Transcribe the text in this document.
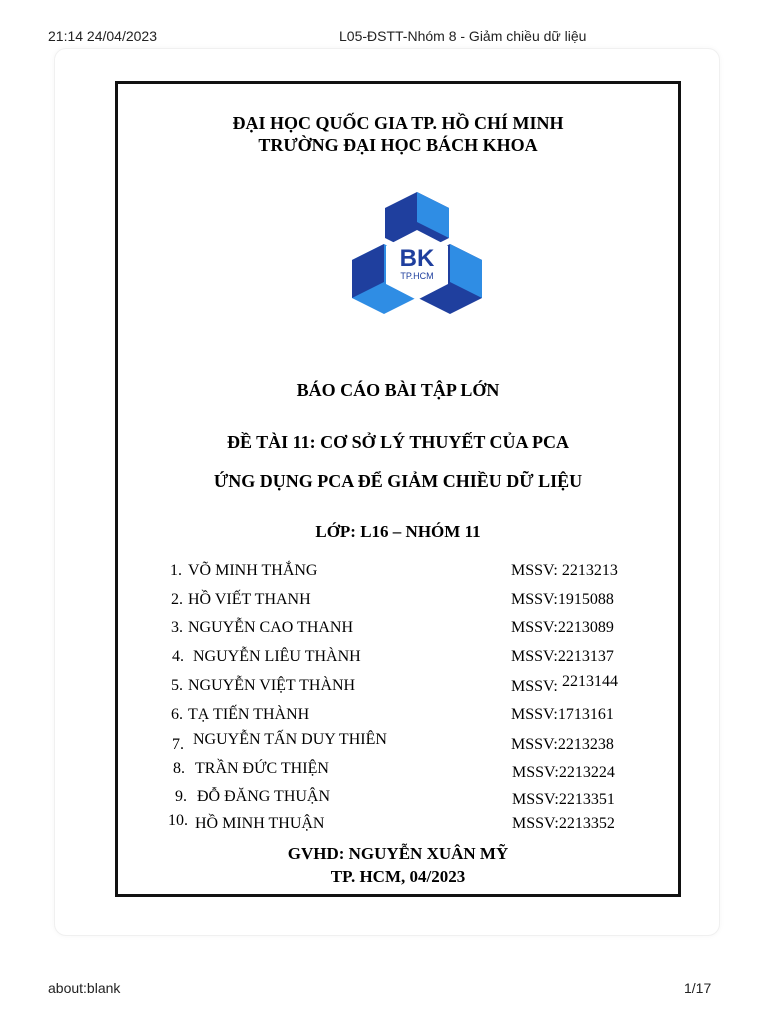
21:14 24/04/2023	L05-ĐSTT-Nhóm 8 - Giảm chiều dữ liệu
about:blank	1/17
ĐẠI HỌC QUỐC GIA TP. HỒ CHÍ MINH
TRƯỜNG ĐẠI HỌC BÁCH KHOA
BK
TP.HCM
BÁO CÁO BÀI TẬP LỚN
ĐỀ TÀI 11: CƠ SỞ LÝ THUYẾT CỦA PCA
ỨNG DỤNG PCA ĐỂ GIẢM CHIỀU DỮ LIỆU
LỚP: L16 – NHÓM 11
1. VÕ MINH THẮNG	MSSV: 2213213
2. HỒ VIẾT THANH	MSSV:1915088
3. NGUYỄN CAO THANH	MSSV:2213089
4. NGUYỄN LIÊU THÀNH	MSSV:2213137
5. NGUYỄN VIỆT THÀNH	MSSV: 2213144
6. TẠ TIẾN THÀNH	MSSV:1713161
7. NGUYỄN TẤN DUY THIÊN	MSSV:2213238
8. TRẦN ĐỨC THIỆN	MSSV:2213224
9. ĐỖ ĐĂNG THUẬN	MSSV:2213351
10. HỒ MINH THUẬN	MSSV:2213352
GVHD: NGUYỄN XUÂN MỸ
TP. HCM, 04/2023
